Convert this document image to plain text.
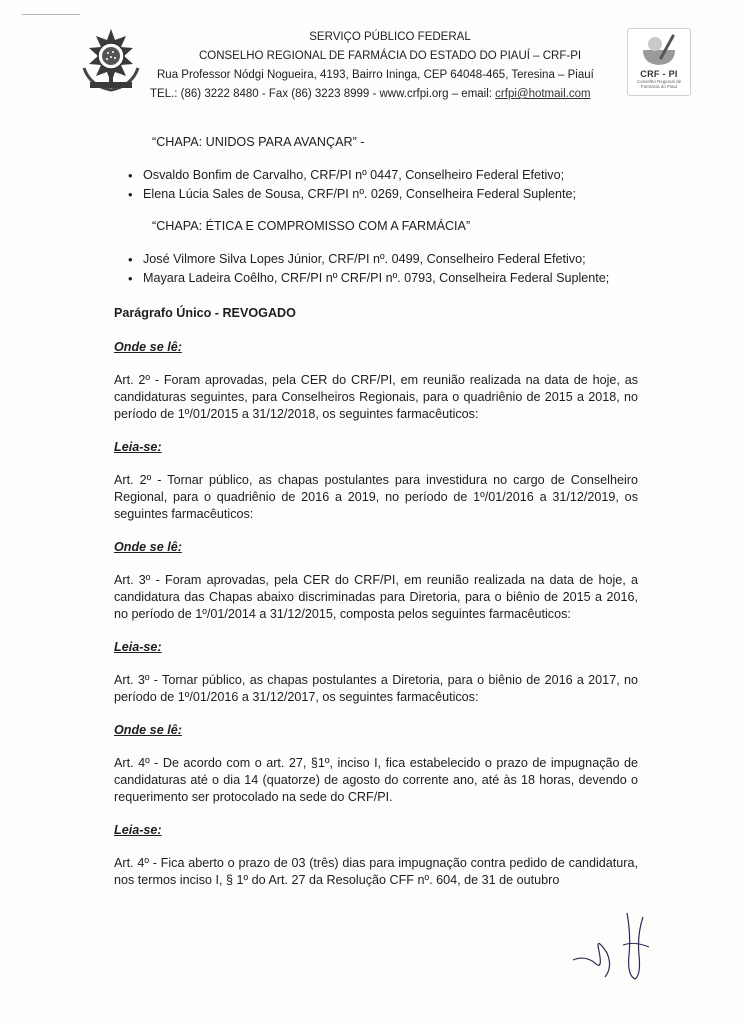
SERVIÇO PÚBLICO FEDERAL
CONSELHO REGIONAL DE FARMÁCIA DO ESTADO DO PIAUÍ – CRF-PI
Rua Professor Nódgi Nogueira, 4193, Bairro Ininga, CEP 64048-465, Teresina – Piauí
TEL.: (86) 3222 8480 - Fax (86) 3223 8999 - www.crfpi.org – email: crfpi@hotmail.com
CRF - PI
Conselho Regional de Farmácia do Piauí
“CHAPA: UNIDOS PARA AVANÇAR” -
• Osvaldo Bonfim de Carvalho, CRF/PI nº 0447, Conselheiro Federal Efetivo;
• Elena Lúcia Sales de Sousa, CRF/PI nº. 0269, Conselheira Federal Suplente;
“CHAPA: ÉTICA E COMPROMISSO COM A FARMÁCIA”
• José Vilmore Silva Lopes Júnior, CRF/PI nº. 0499, Conselheiro Federal Efetivo;
• Mayara Ladeira Coêlho, CRF/PI nº CRF/PI nº. 0793, Conselheira Federal Suplente;

Parágrafo Único - REVOGADO

Onde se lê:

Art. 2º - Foram aprovadas, pela CER do CRF/PI, em reunião realizada na data de hoje, as candidaturas seguintes, para Conselheiros Regionais, para o quadriênio de 2015 a 2018, no período de 1º/01/2015 a 31/12/2018, os seguintes farmacêuticos:

Leia-se:

Art. 2º - Tornar público, as chapas postulantes para investidura no cargo de Conselheiro Regional, para o quadriênio de 2016 a 2019, no período de 1º/01/2016 a 31/12/2019, os seguintes farmacêuticos:

Onde se lê:

Art. 3º - Foram aprovadas, pela CER do CRF/PI, em reunião realizada na data de hoje, a candidatura das Chapas abaixo discriminadas para Diretoria, para o biênio de 2015 a 2016, no período de 1º/01/2014 a 31/12/2015, composta pelos seguintes farmacêuticos:

Leia-se:

Art. 3º - Tornar público, as chapas postulantes a Diretoria, para o biênio de 2016 a 2017, no período de 1º/01/2016 a 31/12/2017, os seguintes farmacêuticos:

Onde se lê:

Art. 4º - De acordo com o art. 27, §1º, inciso I, fica estabelecido o prazo de impugnação de candidaturas até o dia 14 (quatorze) de agosto do corrente ano, até às 18 horas, devendo o requerimento ser protocolado na sede do CRF/PI.

Leia-se:

Art. 4º - Fica aberto o prazo de 03 (três) dias para impugnação contra pedido de candidatura, nos termos inciso I, § 1º do Art. 27 da Resolução CFF nº. 604, de 31 de outubro
